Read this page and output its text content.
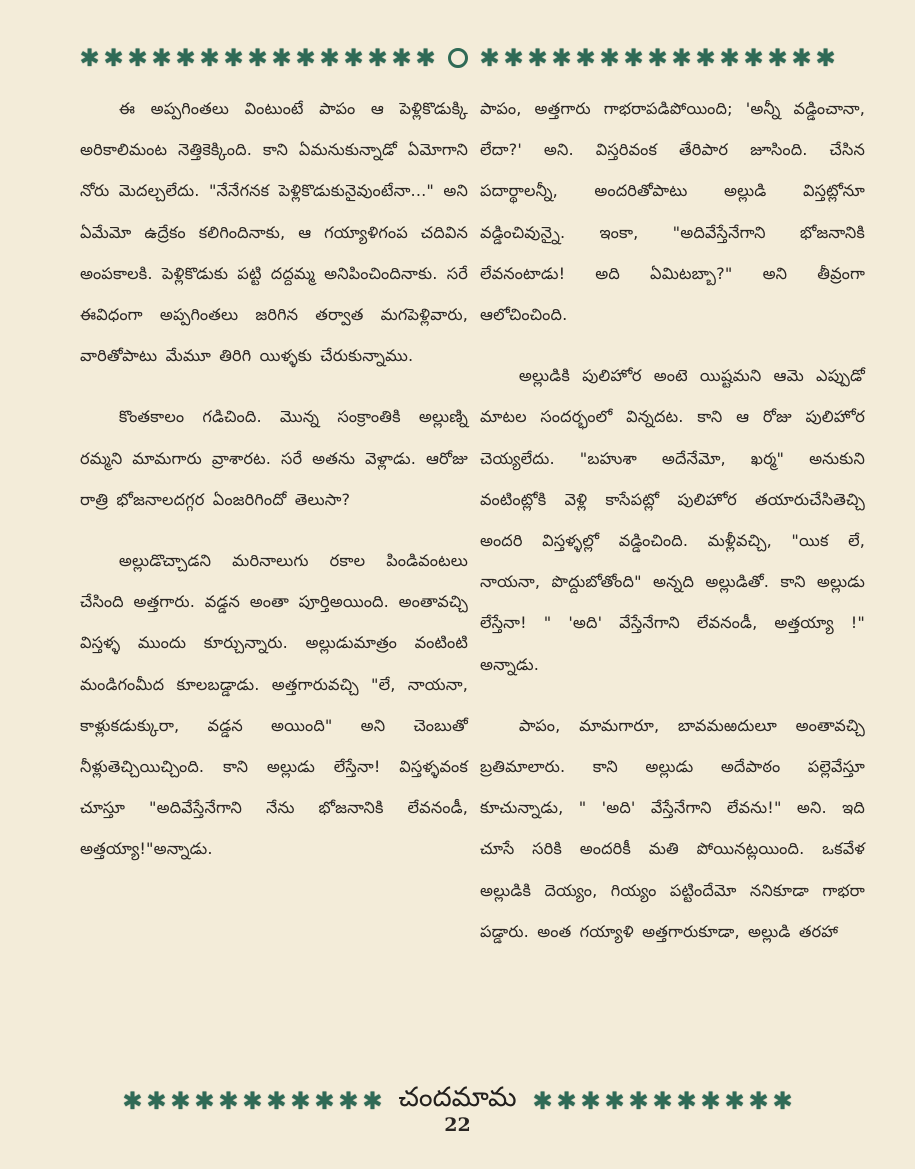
✱ ✱ ✱ ✱ ✱ ✱ ✱ ✱ ✱ ✱ ✱ ✱ ✱ ✱ ✱ ✱ ✱ ✱ ✱ ✱ ✱ ✱ ✱ ✱ ✱ ✱ ✱ ✱ ✱ ✱

ఈ అప్పగింతలు వింటుంటే పాపం ఆ పెళ్లికొడుక్కి అరికాలిమంట నెత్తికెక్కింది. కాని ఏమనుకున్నాడో ఏమోగాని నోరు మెదల్చలేదు. "నేనేగనక పెళ్లికొడుకునైవుంటేనా..." అని ఏమేమో ఉద్రేకం కలిగిందినాకు, ఆ గయ్యాళిగంప చదివిన అంపకాలకి. పెళ్లికొడుకు పట్టి దద్దమ్మ అనిపించిందినాకు. సరే ఈవిధంగా అప్పగింతలు జరిగిన తర్వాత మగపెళ్లివారు, వారితోపాటు మేమూ తిరిగి యిళ్ళకు చేరుకున్నాము.

కొంతకాలం గడిచింది. మొన్న సంక్రాంతికి అల్లుణ్ని రమ్మని మామగారు వ్రాశారట. సరే అతను వెళ్లాడు. ఆరోజు రాత్రి భోజనాలదగ్గర ఏంజరిగిందో తెలుసా?

అల్లుడొచ్చాడని మరినాలుగు రకాల పిండివంటలు చేసింది అత్తగారు. వడ్డన అంతా పూర్తిఅయింది. అంతావచ్చి విస్తళ్ళ ముందు కూర్చున్నారు. అల్లుడుమాత్రం వంటింటి మండిగంమీద కూలబడ్డాడు. అత్తగారువచ్చి "లే, నాయనా, కాళ్లుకడుక్కురా, వడ్డన అయింది" అని చెంబుతో నీళ్లుతెచ్చియిచ్చింది. కాని అల్లుడు లేస్తేనా! విస్తళ్ళవంక చూస్తూ "అదివేస్తేనేగాని నేను భోజనానికి లేవనండీ, అత్తయ్యా!"అన్నాడు.

పాపం, అత్తగారు గాభరాపడిపోయింది; 'అన్నీ వడ్డించానా, లేదా?' అని. విస్తరివంక తేరిపార జూసింది. చేసిన పదార్థాలన్నీ, అందరితోపాటు అల్లుడి విస్తట్లోనూ వడ్డించివున్నై. ఇంకా, "అదివేస్తేనేగాని భోజనానికి లేవనంటాడు! అది ఏమిటబ్బా?" అని తీవ్రంగా ఆలోచించింది.

అల్లుడికి పులిహోర అంటె యిష్టమని ఆమె ఎప్పుడో మాటల సందర్భంలో విన్నదట. కాని ఆ రోజు పులిహోర చెయ్యలేదు. "బహుశా అదేనేమో, ఖర్మ" అనుకుని వంటింట్లోకి వెళ్లి కాసేపట్లో పులిహోర తయారుచేసితెచ్చి అందరి విస్తళ్ళల్లో వడ్డించింది. మళ్లీవచ్చి, "యిక లే, నాయనా, పొద్దుబోతోంది" అన్నది అల్లుడితో. కాని అల్లుడు లేస్తేనా! " 'అది' వేస్తేనేగాని లేవనండీ, అత్తయ్యా !" అన్నాడు.

పాపం, మామగారూ, బావమఱదులూ అంతావచ్చి బ్రతిమాలారు. కాని అల్లుడు అదేపాఠం పల్లెవేస్తూ కూచున్నాడు, " 'అది' వేస్తేనేగాని లేవను!" అని. ఇది చూసే సరికి అందరికీ మతి పోయినట్లయింది. ఒకవేళ అల్లుడికి దెయ్యం, గియ్యం పట్టిందేమో ననికూడా గాభరా పడ్డారు. అంత గయ్యాళి అత్తగారుకూడా, అల్లుడి తరహా

✱ ✱ ✱ ✱ ✱ ✱ ✱ ✱ ✱ ✱ ✱ చందమామ ✱ ✱ ✱ ✱ ✱ ✱ ✱ ✱ ✱ ✱ ✱
22
